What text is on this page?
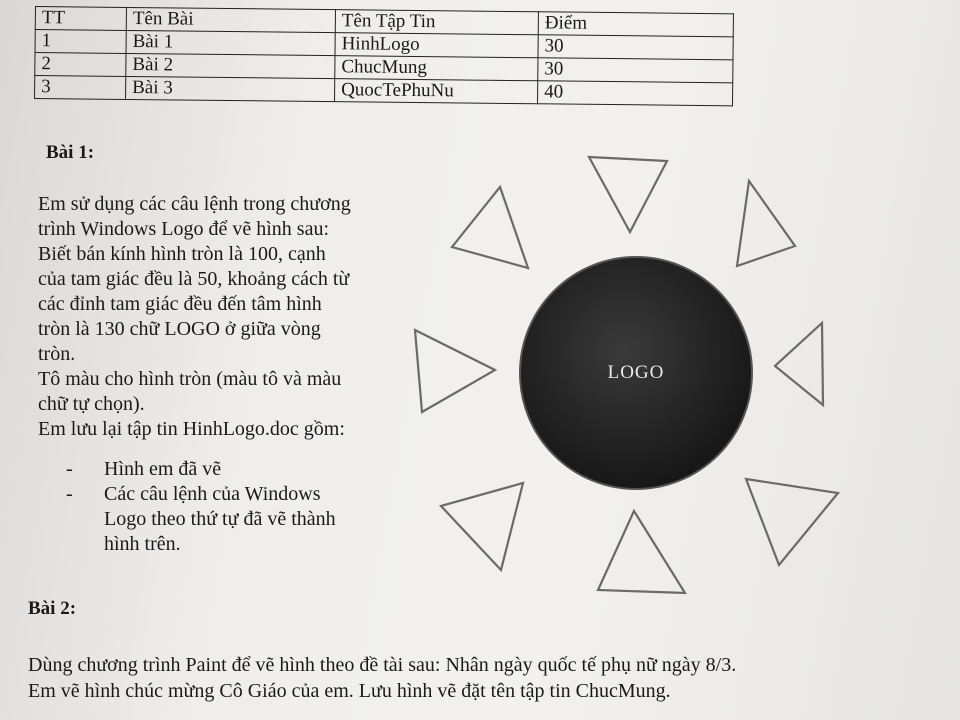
TT	Tên Bài	Tên Tập Tin	Điểm
1	Bài 1	HinhLogo	30
2	Bài 2	ChucMung	30
3	Bài 3	QuocTePhuNu	40
Bài 1:

Em sử dụng các câu lệnh trong chương

trình Windows Logo để vẽ hình sau:

Biết bán kính hình tròn là 100, cạnh

của tam giác đều là 50, khoảng cách từ

các đỉnh tam giác đều đến tâm hình

tròn là 130 chữ LOGO ở giữa vòng

tròn.

Tô màu cho hình tròn (màu tô và màu

chữ tự chọn).

Em lưu lại tập tin HinhLogo.doc gồm:

- Hình em đã vẽ
- Các câu lệnh của Windows
Logo theo thứ tự đã vẽ thành
hình trên.
LOGO
Bài 2:

Dùng chương trình Paint để vẽ hình theo đề tài sau: Nhân ngày quốc tế phụ nữ ngày 8/3.

Em vẽ hình chúc mừng Cô Giáo của em. Lưu hình vẽ đặt tên tập tin ChucMung.
